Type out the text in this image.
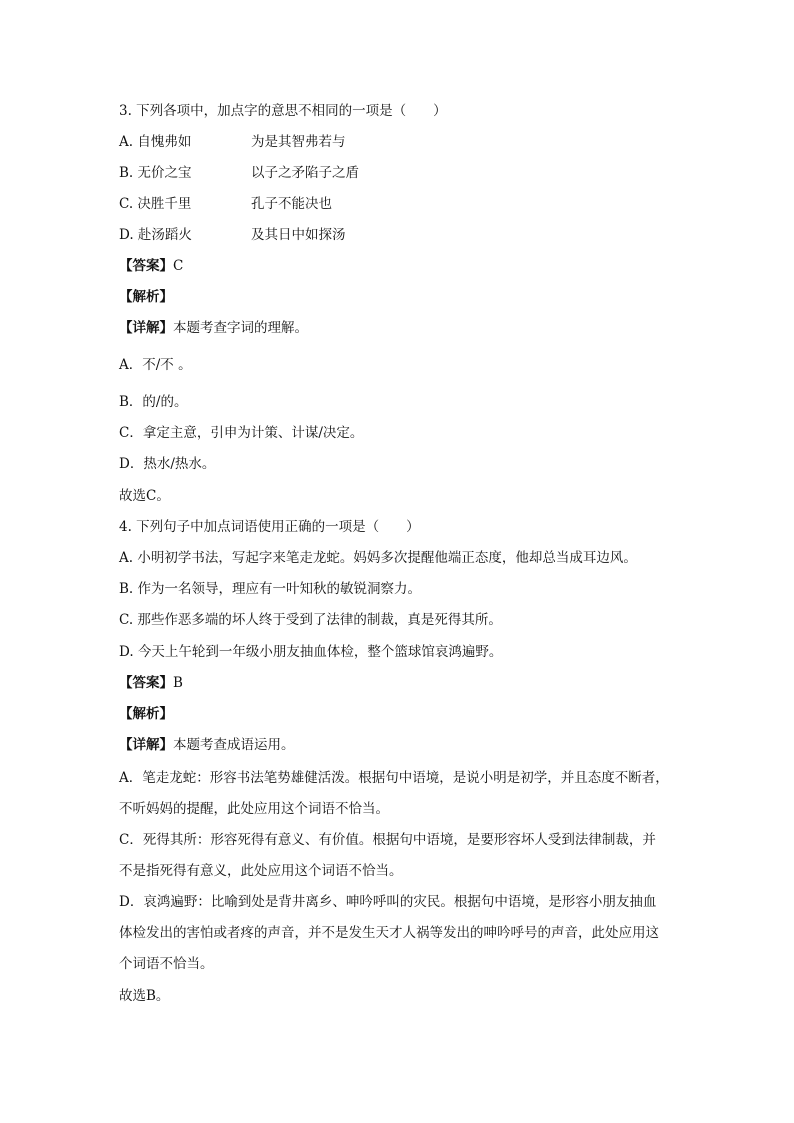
3. 下列各项中，加点字的意思不相同的一项是（　　）
A. 自愧弗如	为是其智弗若与
B. 无价之宝	以子之矛陷子之盾
C. 决胜千里	孔子不能决也
D. 赴汤蹈火	及其日中如探汤
【答案】C
【解析】
【详解】本题考查字词的理解。
A．不/不 。
B．的/的。
C．拿定主意，引申为计策、计谋/决定。
D．热水/热水。
故选C。
4. 下列句子中加点词语使用正确的一项是（　　）
A. 小明初学书法，写起字来笔走龙蛇。妈妈多次提醒他端正态度，他却总当成耳边风。
B. 作为一名领导，理应有一叶知秋的敏锐洞察力。
C. 那些作恶多端的坏人终于受到了法律的制裁，真是死得其所。
D. 今天上午轮到一年级小朋友抽血体检，整个篮球馆哀鸿遍野。
【答案】B
【解析】
【详解】本题考查成语运用。
A．笔走龙蛇：形容书法笔势雄健活泼。根据句中语境，是说小明是初学，并且态度不断者，
不听妈妈的提醒，此处应用这个词语不恰当。
C．死得其所：形容死得有意义、有价值。根据句中语境，是要形容坏人受到法律制裁，并
不是指死得有意义，此处应用这个词语不恰当。
D．哀鸿遍野：比喻到处是背井离乡、呻吟呼叫的灾民。根据句中语境，是形容小朋友抽血
体检发出的害怕或者疼的声音，并不是发生天才人祸等发出的呻吟呼号的声音，此处应用这
个词语不恰当。
故选B。
